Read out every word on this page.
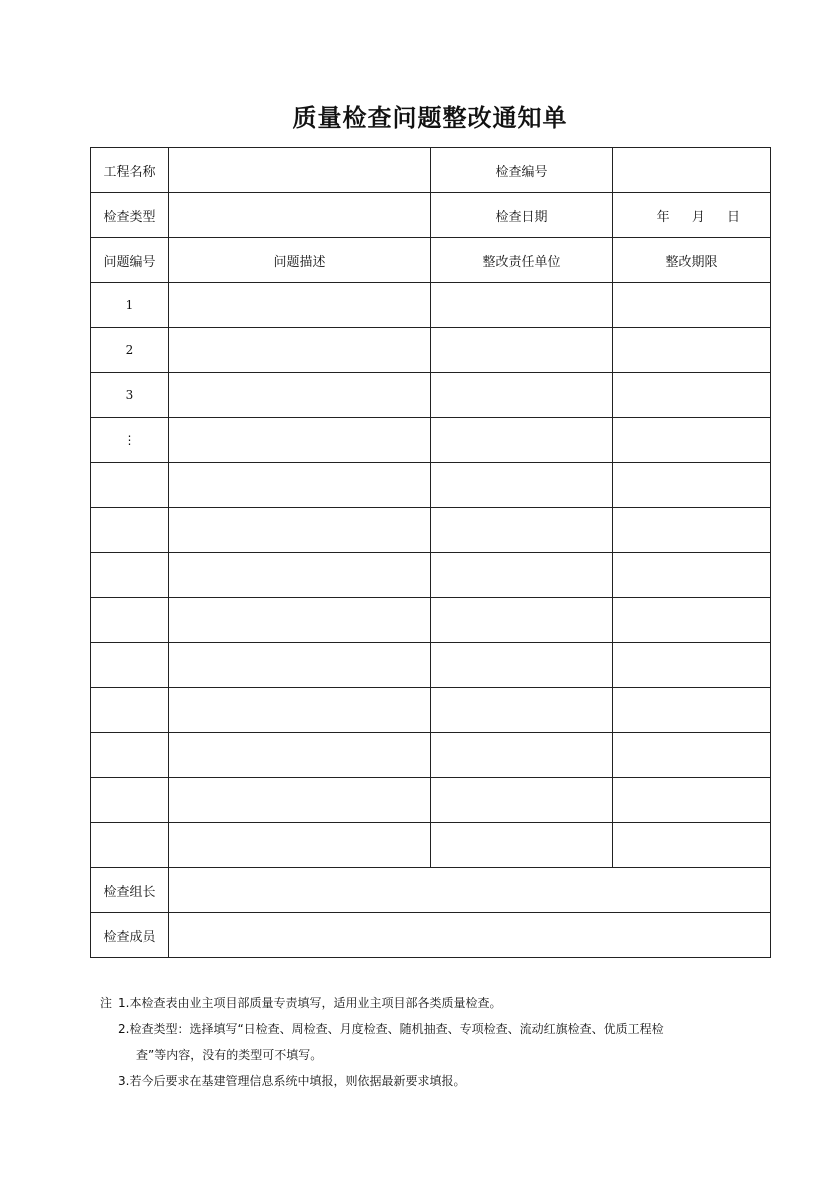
质量检查问题整改通知单
工程名称		检查编号	
检查类型		检查日期	年 月 日
问题编号	问题描述	整改责任单位	整改期限
1			
2			
3			
⋮			

检查组长			
检查成员			
注 1.本检查表由业主项目部质量专责填写，适用业主项目部各类质量检查。
2.检查类型：选择填写“日检查、周检查、月度检查、随机抽查、专项检查、流动红旗检查、优质工程检
查”等内容，没有的类型可不填写。
3.若今后要求在基建管理信息系统中填报，则依据最新要求填报。
